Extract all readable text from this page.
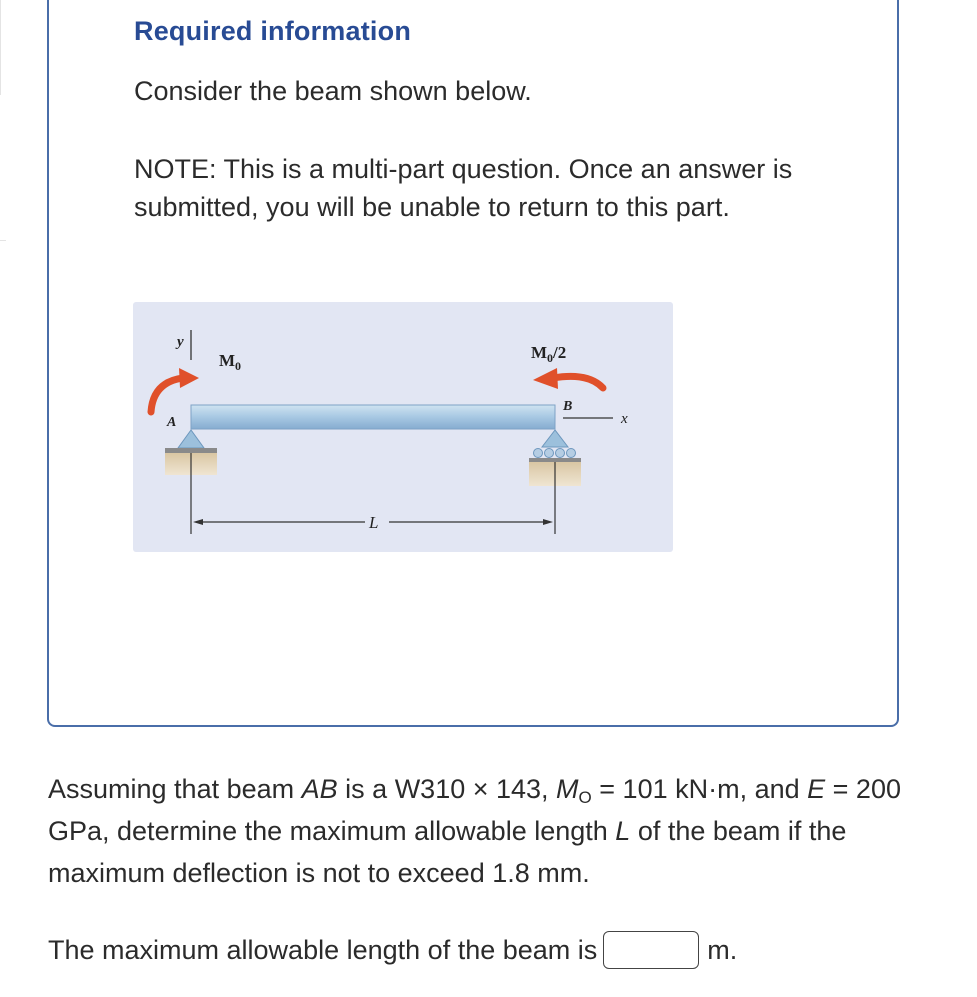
Required information
Consider the beam shown below.
NOTE: This is a multi-part question. Once an answer is submitted, you will be unable to return to this part.
y
$M_0$
$M_0/2$
A
B
x
L
Assuming that beam AB is a W310 × 143, $M_O = 101$ kN·m, and E = 200 GPa, determine the maximum allowable length L of the beam if the maximum deflection is not to exceed 1.8 mm.
The maximum allowable length of the beam is	m.
